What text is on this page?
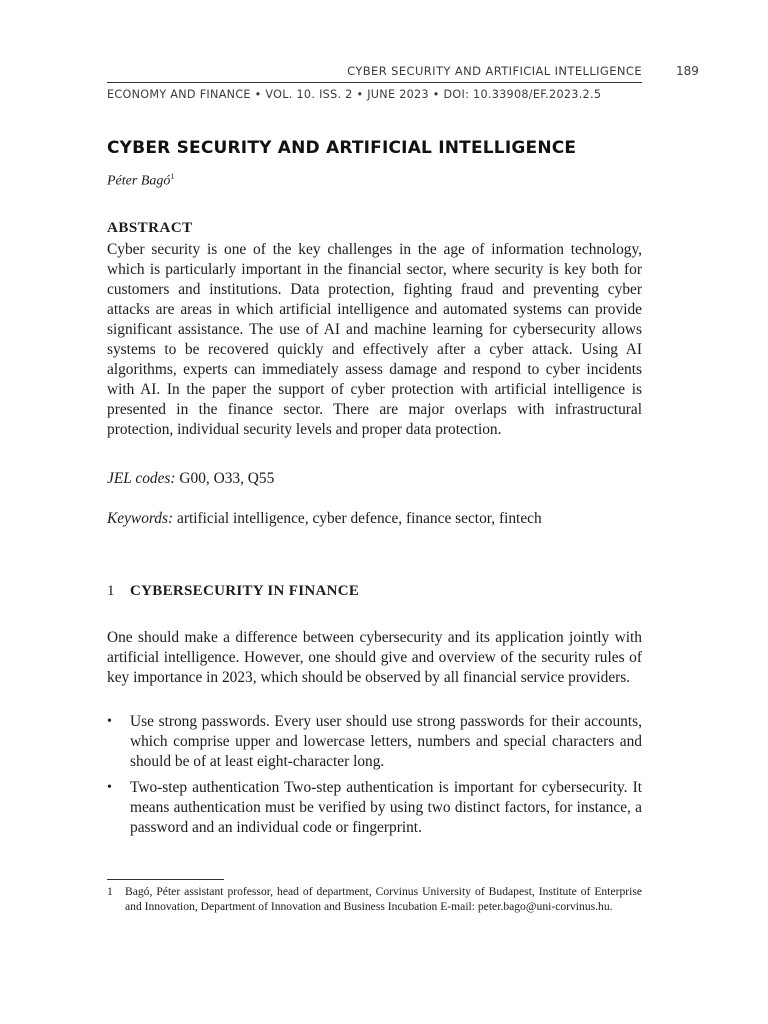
CYBER SECURITY AND ARTIFICIAL INTELLIGENCE	189
ECONOMY AND FINANCE • VOL. 10. ISS. 2 • JUNE 2023 • DOI: 10.33908/EF.2023.2.5
CYBER SECURITY AND ARTIFICIAL INTELLIGENCE
Péter Bagó$^1$
ABSTRACT
Cyber security is one of the key challenges in the age of information technology, which is particularly important in the financial sector, where security is key both for customers and institutions. Data protection, fighting fraud and preventing cyber attacks are areas in which artificial intelligence and automated systems can provide significant assistance. The use of AI and machine learning for cybersecurity allows systems to be recovered quickly and effectively after a cyber attack. Using AI algorithms, experts can immediately assess damage and respond to cyber incidents with AI. In the paper the support of cyber protection with artificial intelligence is presented in the finance sector. There are major overlaps with infrastructural protection, individual security levels and proper data protection.
JEL codes: G00, O33, Q55
Keywords: artificial intelligence, cyber defence, finance sector, fintech
1 CYBERSECURITY IN FINANCE
One should make a difference between cybersecurity and its application jointly with artificial intelligence. However, one should give and overview of the security rules of key importance in 2023, which should be observed by all financial service providers.
•	Use strong passwords. Every user should use strong passwords for their accounts, which comprise upper and lowercase letters, numbers and special characters and should be of at least eight-character long.
•	Two-step authentication Two-step authentication is important for cybersecurity. It means authentication must be verified by using two distinct factors, for instance, a password and an individual code or fingerprint.
1 Bagó, Péter assistant professor, head of department, Corvinus University of Budapest, Institute of Enterprise and Innovation, Department of Innovation and Business Incubation E-mail: peter.bago@uni-corvinus.hu.
